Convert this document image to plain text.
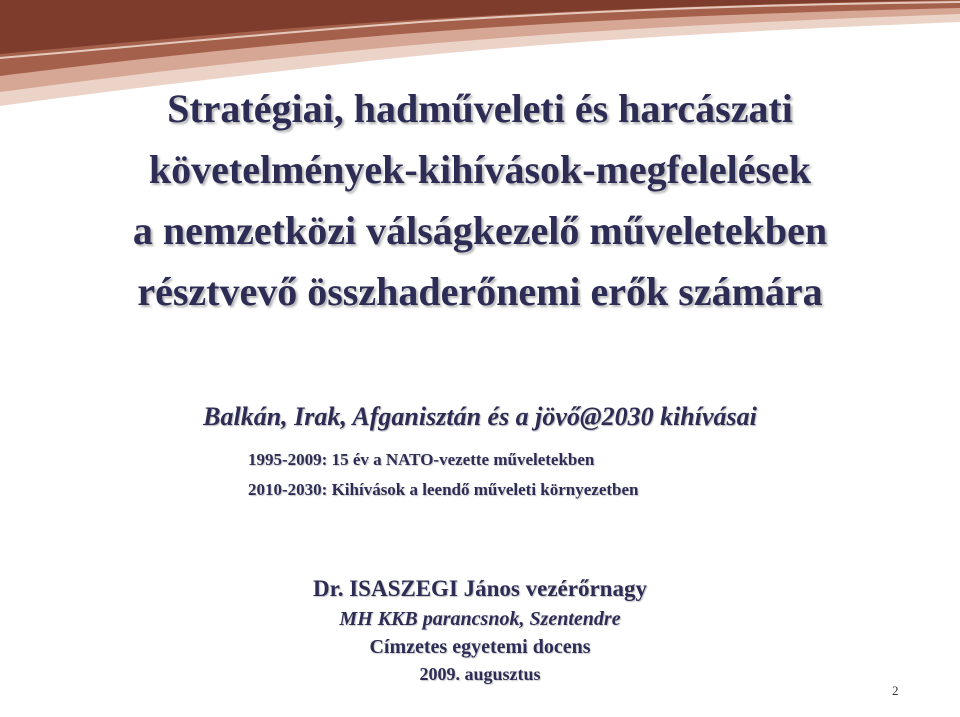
Stratégiai, hadműveleti és harcászati
követelmények-kihívások-megfelelések
a nemzetközi válságkezelő műveletekben
résztvevő összhaderőnemi erők számára
Balkán, Irak, Afganisztán és a jövő@2030 kihívásai
1995-2009: 15 év a NATO-vezette műveletekben
2010-2030: Kihívások a leendő műveleti környezetben
Dr. ISASZEGI János vezérőrnagy
MH KKB parancsnok, Szentendre
Címzetes egyetemi docens
2009. augusztus
2
